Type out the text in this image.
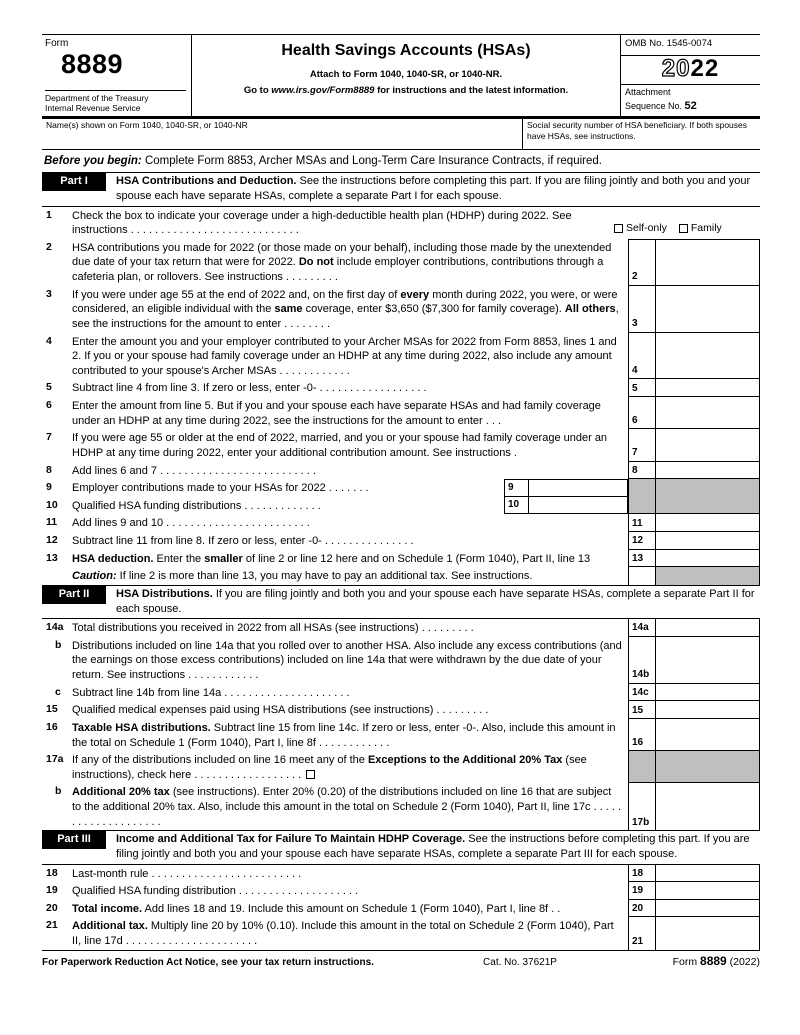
Form
8889
Department of the Treasury
Internal Revenue Service
Health Savings Accounts (HSAs)
Attach to Form 1040, 1040-SR, or 1040-NR.
Go to www.irs.gov/Form8889 for instructions and the latest information.
OMB No. 1545-0074
2022
Attachment
Sequence No. 52
Name(s) shown on Form 1040, 1040-SR, or 1040-NR	Social security number of HSA beneficiary. If both spouses have HSAs, see instructions.
Before you begin: Complete Form 8853, Archer MSAs and Long-Term Care Insurance Contracts, if required.
Part I	HSA Contributions and Deduction. See the instructions before completing this part. If you are filing jointly and both you and your spouse each have separate HSAs, complete a separate Part I for each spouse.
1	Check the box to indicate your coverage under a high-deductible health plan (HDHP) during 2022. See instructions . . . . . . . . . . . . . . . . . . . . . . . . . . . .	Self-only Family
2	HSA contributions you made for 2022 (or those made on your behalf), including those made by the unextended due date of your tax return that were for 2022. Do not include employer contributions, contributions through a cafeteria plan, or rollovers. See instructions . . . . . . . . .	2
3	If you were under age 55 at the end of 2022 and, on the first day of every month during 2022, you were, or were considered, an eligible individual with the same coverage, enter $3,650 ($7,300 for family coverage). All others, see the instructions for the amount to enter . . . . . . . .	3
4	Enter the amount you and your employer contributed to your Archer MSAs for 2022 from Form 8853, lines 1 and 2. If you or your spouse had family coverage under an HDHP at any time during 2022, also include any amount contributed to your spouse's Archer MSAs . . . . . . . . . . . .	4
5	Subtract line 4 from line 3. If zero or less, enter -0- . . . . . . . . . . . . . . . . . .	5
6	Enter the amount from line 5. But if you and your spouse each have separate HSAs and had family coverage under an HDHP at any time during 2022, see the instructions for the amount to enter . . .	6
7	If you were age 55 or older at the end of 2022, married, and you or your spouse had family coverage under an HDHP at any time during 2022, enter your additional contribution amount. See instructions .	7
8	Add lines 6 and 7 . . . . . . . . . . . . . . . . . . . . . . . . . .	8
9	Employer contributions made to your HSAs for 2022 . . . . . . .	9
10	Qualified HSA funding distributions . . . . . . . . . . . . .	10
11	Add lines 9 and 10 . . . . . . . . . . . . . . . . . . . . . . . .	11
12	Subtract line 11 from line 8. If zero or less, enter -0- . . . . . . . . . . . . . . .	12
13	HSA deduction. Enter the smaller of line 2 or line 12 here and on Schedule 1 (Form 1040), Part II, line 13	13
Caution: If line 2 is more than line 13, you may have to pay an additional tax. See instructions.
Part II	HSA Distributions. If you are filing jointly and both you and your spouse each have separate HSAs, complete a separate Part II for each spouse.
14a Total distributions you received in 2022 from all HSAs (see instructions) . . . . . . . . .	14a
b Distributions included on line 14a that you rolled over to another HSA. Also include any excess contributions (and the earnings on those excess contributions) included on line 14a that were withdrawn by the due date of your return. See instructions . . . . . . . . . . . .	14b
c	Subtract line 14b from line 14a . . . . . . . . . . . . . . . . . . . . .	14c
15	Qualified medical expenses paid using HSA distributions (see instructions) . . . . . . . . .	15
16	Taxable HSA distributions. Subtract line 15 from line 14c. If zero or less, enter -0-. Also, include this amount in the total on Schedule 1 (Form 1040), Part I, line 8f . . . . . . . . . . . .	16
17a If any of the distributions included on line 16 meet any of the Exceptions to the Additional 20% Tax (see instructions), check here . . . . . . . . . . . . . . . . . .
b Additional 20% tax (see instructions). Enter 20% (0.20) of the distributions included on line 16 that are subject to the additional 20% tax. Also, include this amount in the total on Schedule 2 (Form 1040), Part II, line 17c . . . . . . . . . . . . . . . . . . . .	17b
Part III	Income and Additional Tax for Failure To Maintain HDHP Coverage. See the instructions before completing this part. If you are filing jointly and both you and your spouse each have separate HSAs, complete a separate Part III for each spouse.
18	Last-month rule . . . . . . . . . . . . . . . . . . . . . . . . .	18
19	Qualified HSA funding distribution . . . . . . . . . . . . . . . . . . . .	19
20	Total income. Add lines 18 and 19. Include this amount on Schedule 1 (Form 1040), Part I, line 8f . .	20
21	Additional tax. Multiply line 20 by 10% (0.10). Include this amount in the total on Schedule 2 (Form 1040), Part II, line 17d . . . . . . . . . . . . . . . . . . . . . .	21
For Paperwork Reduction Act Notice, see your tax return instructions.	Cat. No. 37621P	Form 8889 (2022)
